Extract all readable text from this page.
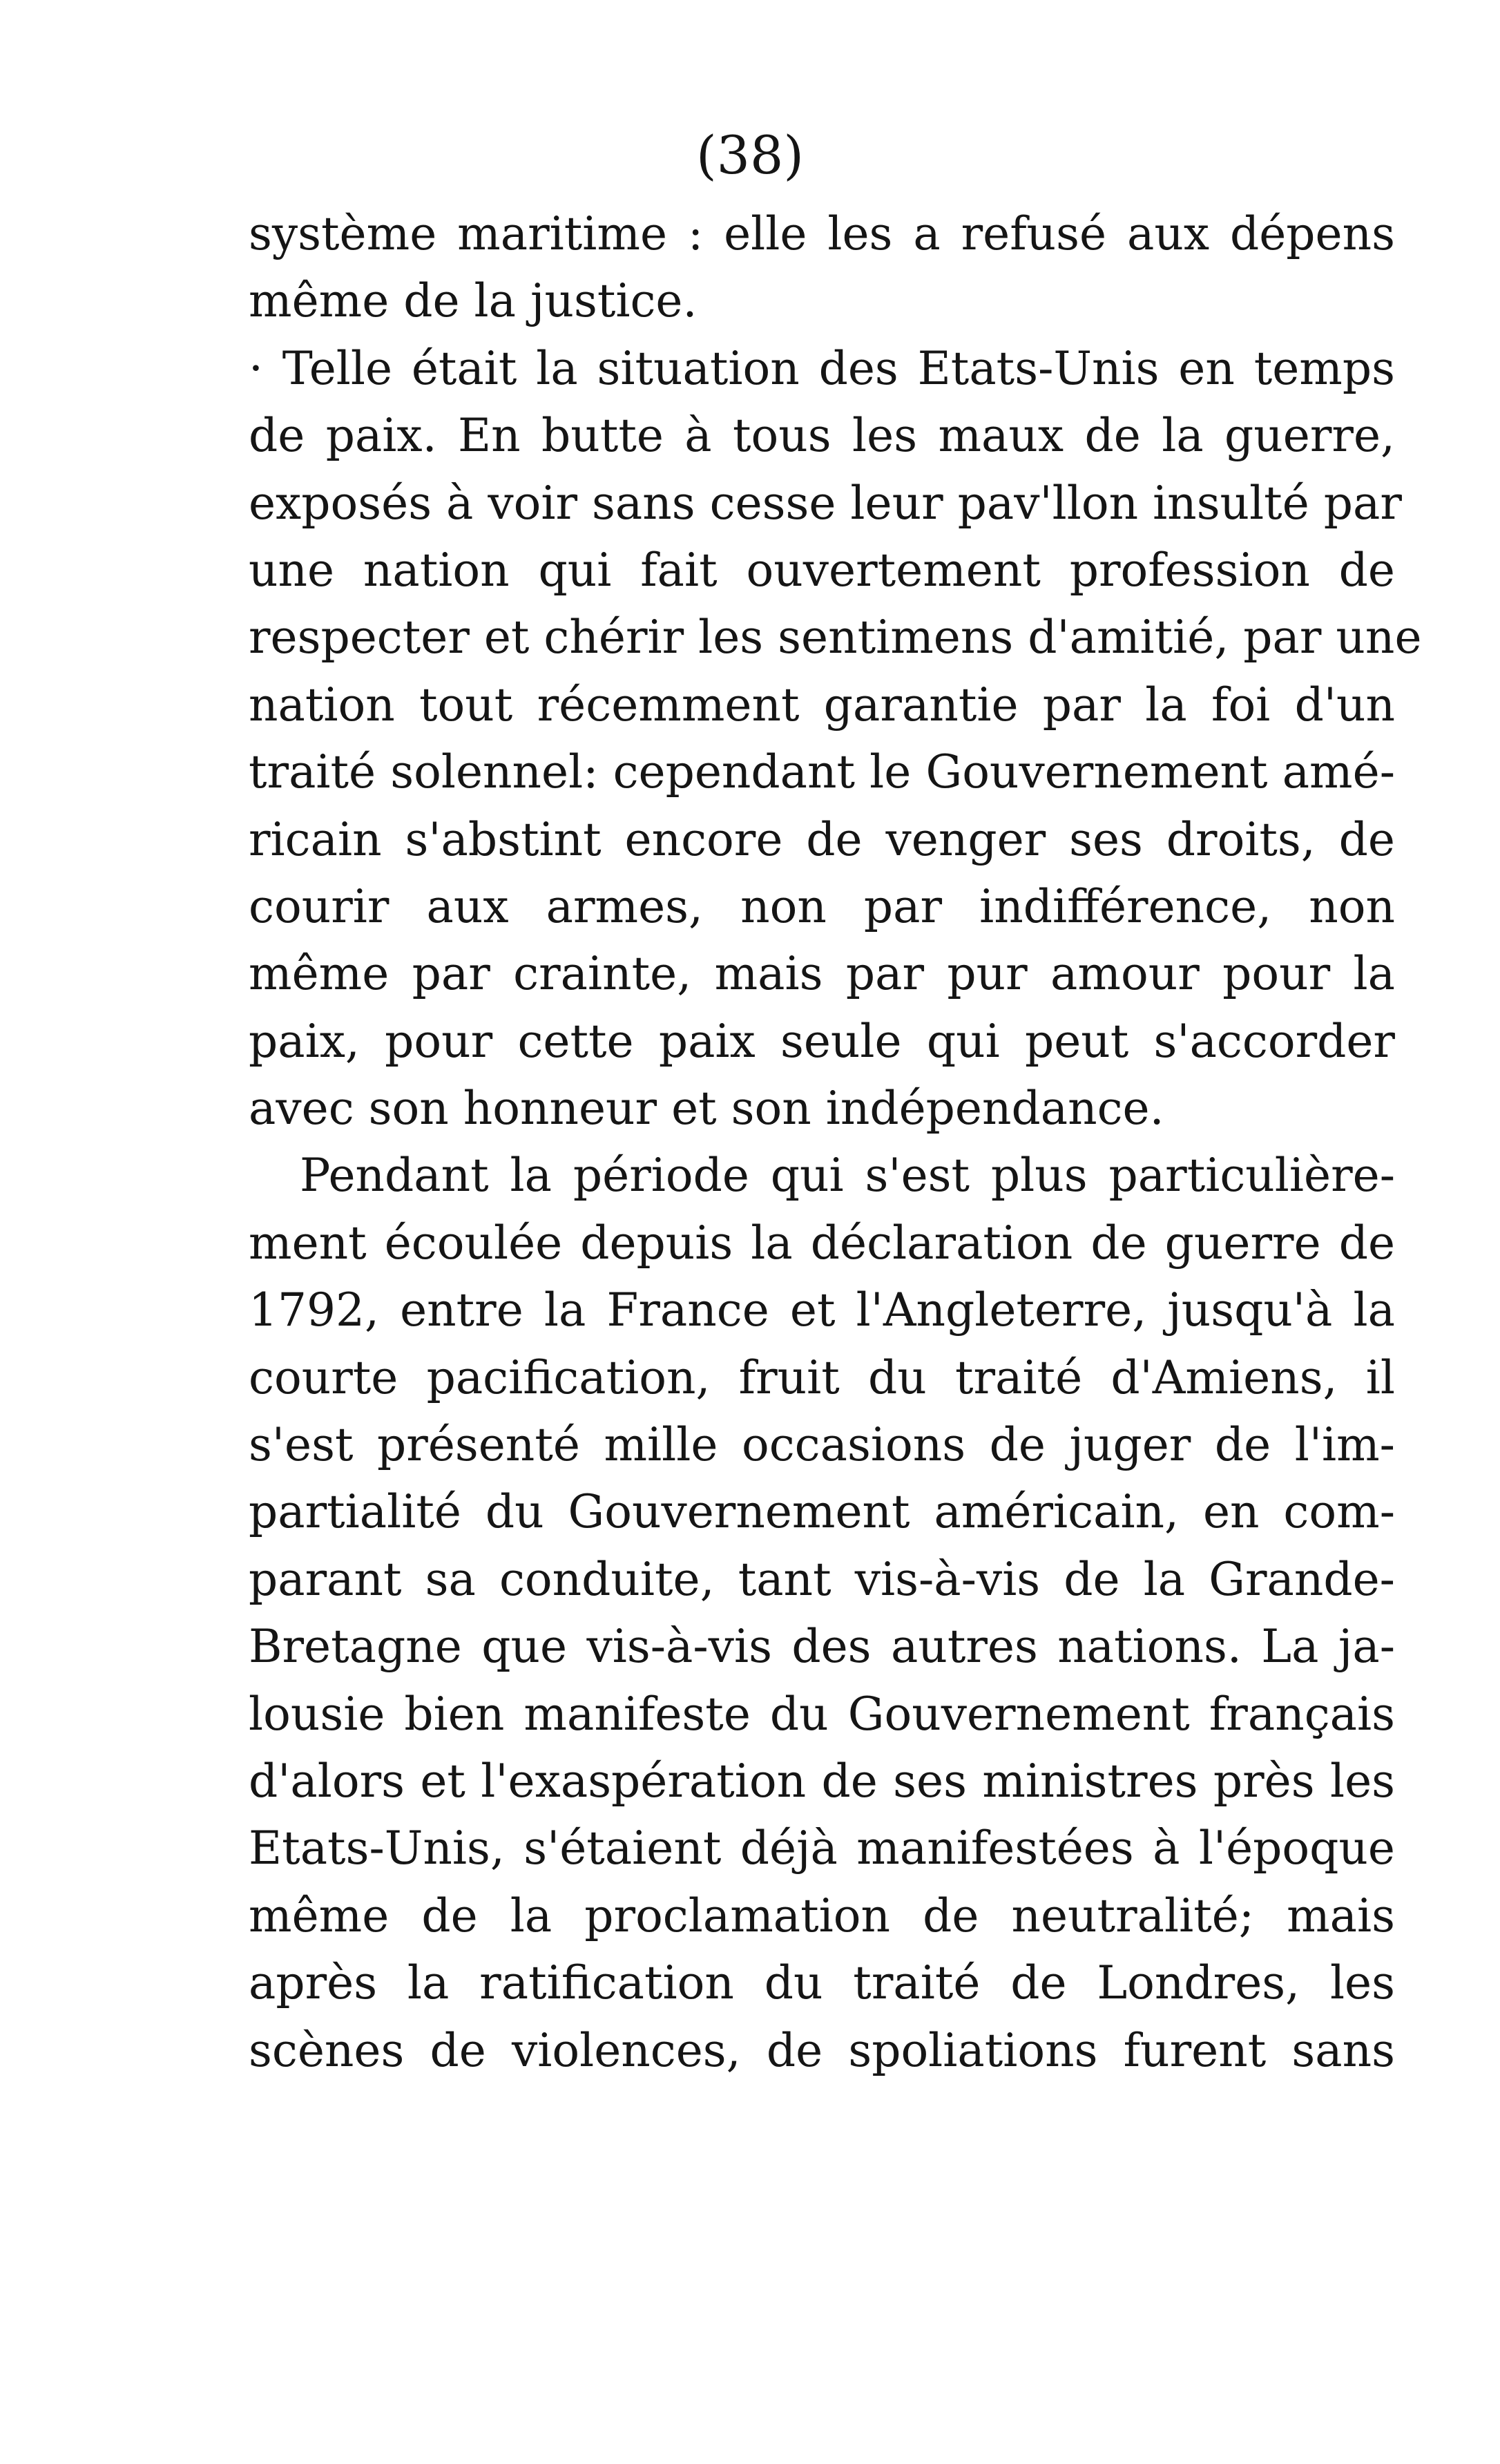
(38)
système maritime : elle les a refusé aux dépens
même de la justice.
· Telle était la situation des Etats-Unis en temps
de paix. En butte à tous les maux de la guerre,
exposés à voir sans cesse leur pav'llon insulté par
une nation qui fait ouvertement profession de
respecter et chérir les sentimens d'amitié, par une
nation tout récemment garantie par la foi d'un
traité solennel: cependant le Gouvernement amé-
ricain s'abstint encore de venger ses droits, de
courir aux armes, non par indifférence, non
même par crainte, mais par pur amour pour la
paix, pour cette paix seule qui peut s'accorder
avec son honneur et son indépendance.
Pendant la période qui s'est plus particulière-
ment écoulée depuis la déclaration de guerre de
1792, entre la France et l'Angleterre, jusqu'à la
courte pacification, fruit du traité d'Amiens, il
s'est présenté mille occasions de juger de l'im-
partialité du Gouvernement américain, en com-
parant sa conduite, tant vis-à-vis de la Grande-
Bretagne que vis-à-vis des autres nations. La ja-
lousie bien manifeste du Gouvernement français
d'alors et l'exaspération de ses ministres près les
Etats-Unis, s'étaient déjà manifestées à l'époque
même de la proclamation de neutralité; mais
après la ratification du traité de Londres, les
scènes de violences, de spoliations furent sans
